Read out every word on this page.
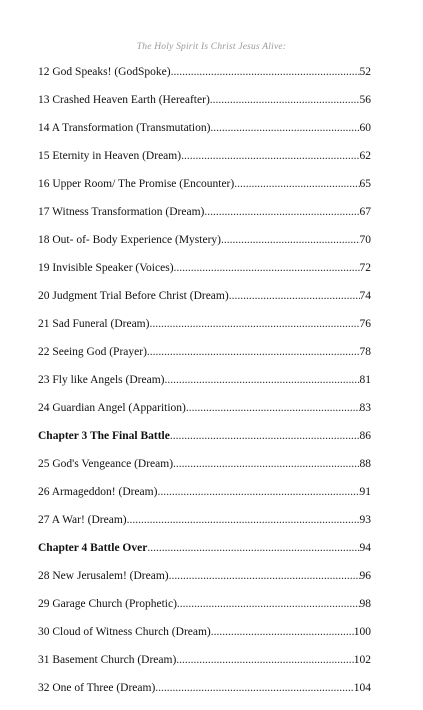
The Holy Spirit Is Christ Jesus Alive:
12 God Speaks! (GodSpoke) .....	52
13 Crashed Heaven Earth (Hereafter) .....	56
14 A Transformation (Transmutation) .....	60
15 Eternity in Heaven (Dream) .....	62
16 Upper Room/ The Promise (Encounter) .....	65
17 Witness Transformation (Dream) .....	67
18 Out- of- Body Experience (Mystery) .....	70
19 Invisible Speaker (Voices) .....	72
20 Judgment Trial Before Christ (Dream) .....	74
21 Sad Funeral (Dream) .....	76
22 Seeing God (Prayer) .....	78
23 Fly like Angels (Dream) .....	81
24 Guardian Angel (Apparition) .....	83
Chapter 3 The Final Battle .....	86
25 God's Vengeance (Dream) .....	88
26 Armageddon! (Dream) .....	91
27 A War! (Dream) .....	93
Chapter 4 Battle Over .....	94
28 New Jerusalem! (Dream) .....	96
29 Garage Church (Prophetic) .....	98
30 Cloud of Witness Church (Dream) .....	100
31 Basement Church (Dream) .....	102
32 One of Three (Dream) .....	104
